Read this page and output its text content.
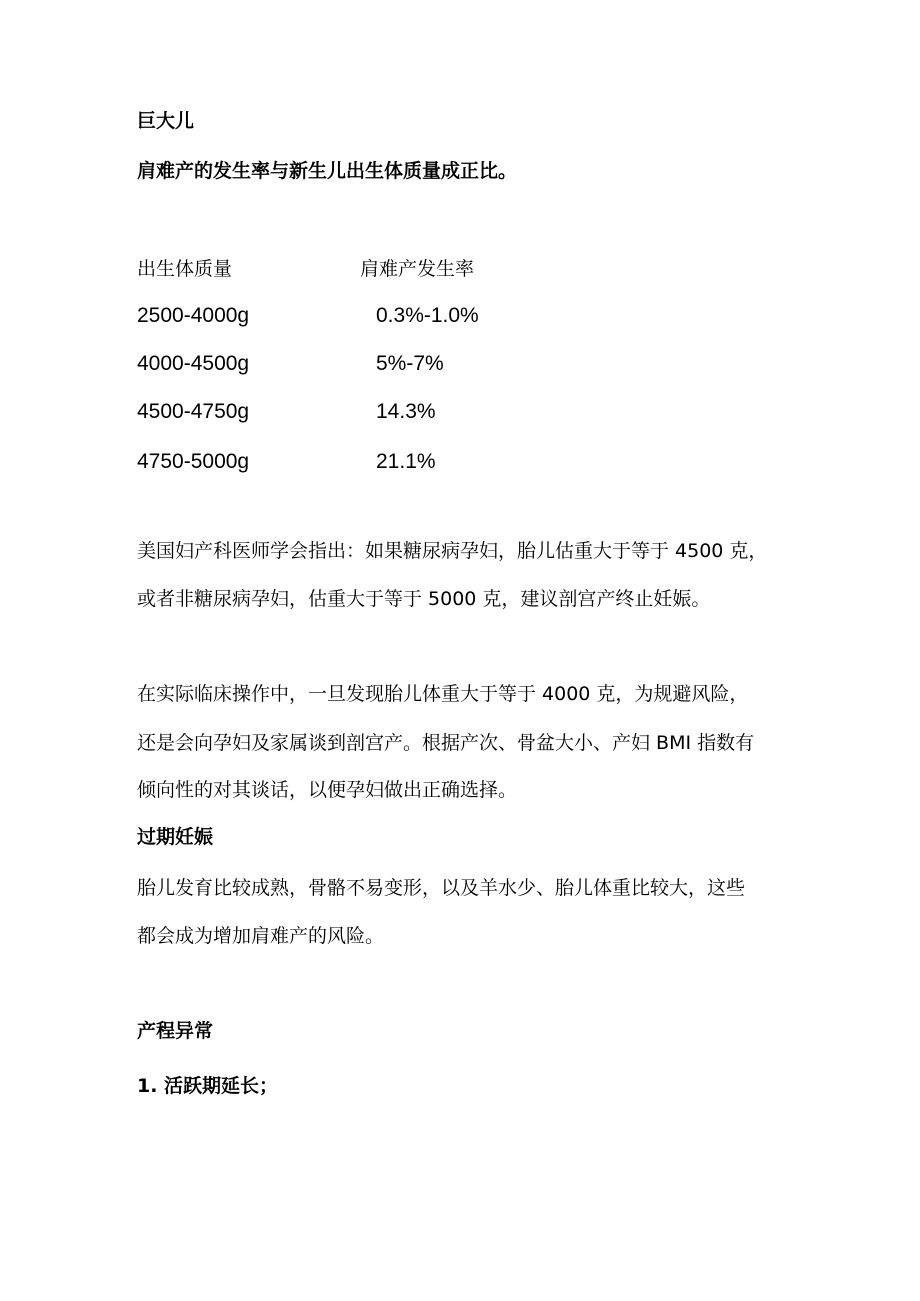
巨大儿
肩难产的发生率与新生儿出生体质量成正比。
出生体质量	肩难产发生率
2500-4000g	0.3%-1.0%
4000-4500g	5%-7%
4500-4750g	14.3%
4750-5000g	21.1%
美国妇产科医师学会指出：如果糖尿病孕妇，胎儿估重大于等于 4500 克，
或者非糖尿病孕妇，估重大于等于 5000 克，建议剖宫产终止妊娠。
在实际临床操作中，一旦发现胎儿体重大于等于 4000 克，为规避风险，
还是会向孕妇及家属谈到剖宫产。根据产次、骨盆大小、产妇 BMI 指数有
倾向性的对其谈话，以便孕妇做出正确选择。
过期妊娠
胎儿发育比较成熟，骨骼不易变形，以及羊水少、胎儿体重比较大，这些
都会成为增加肩难产的风险。
产程异常
1. 活跃期延长；
